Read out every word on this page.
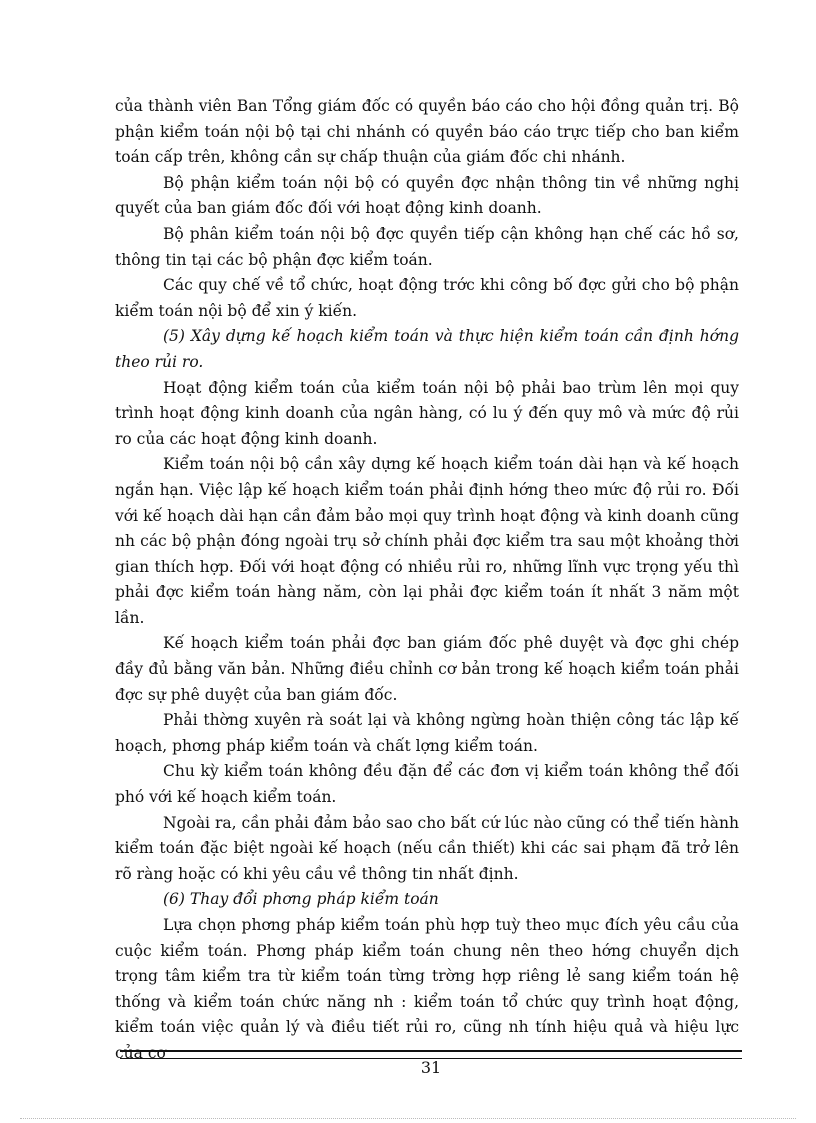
của thành viên Ban Tổng giám đốc có quyền báo cáo cho hội đồng quản trị. Bộ phận kiểm toán nội bộ tại chi nhánh có quyền báo cáo trực tiếp cho ban kiểm toán cấp trên, không cần sự chấp thuận của giám đốc chi nhánh.

Bộ phận kiểm toán nội bộ có quyền đợc nhận thông tin về những nghị quyết của ban giám đốc đối với hoạt động kinh doanh.

Bộ phân kiểm toán nội bộ đợc quyền tiếp cận không hạn chế các hồ sơ, thông tin tại các bộ phận đợc kiểm toán.

Các quy chế về tổ chức, hoạt động trớc khi công bố đợc gửi cho bộ phận kiểm toán nội bộ để xin ý kiến.

(5) Xây dựng kế hoạch kiểm toán và thực hiện kiểm toán cần định hớng theo rủi ro.

Hoạt động kiểm toán của kiểm toán nội bộ phải bao trùm lên mọi quy trình hoạt động kinh doanh của ngân hàng, có lu ý đến quy mô và mức độ rủi ro của các hoạt động kinh doanh.

Kiểm toán nội bộ cần xây dựng kế hoạch kiểm toán dài hạn và kế hoạch ngắn hạn. Việc lập kế hoạch kiểm toán phải định hớng theo mức độ rủi ro. Đối với kế hoạch dài hạn cần đảm bảo mọi quy trình hoạt động và kinh doanh cũng nh các bộ phận đóng ngoài trụ sở chính phải đợc kiểm tra sau một khoảng thời gian thích hợp. Đối với hoạt động có nhiều rủi ro, những lĩnh vực trọng yếu thì phải đợc kiểm toán hàng năm, còn lại phải đợc kiểm toán ít nhất 3 năm một lần.

Kế hoạch kiểm toán phải đợc ban giám đốc phê duyệt và đợc ghi chép đầy đủ bằng văn bản. Những điều chỉnh cơ bản trong kế hoạch kiểm toán phải đợc sự phê duyệt của ban giám đốc.

Phải thờng xuyên rà soát lại và không ngừng hoàn thiện công tác lập kế hoạch, phơng pháp kiểm toán và chất lợng kiểm toán.

Chu kỳ kiểm toán không đều đặn để các đơn vị kiểm toán không thể đối phó với kế hoạch kiểm toán.

Ngoài ra, cần phải đảm bảo sao cho bất cứ lúc nào cũng có thể tiến hành kiểm toán đặc biệt ngoài kế hoạch (nếu cần thiết) khi các sai phạm đã trở lên rõ ràng hoặc có khi yêu cầu về thông tin nhất định.

(6) Thay đổi phơng pháp kiểm toán

Lựa chọn phơng pháp kiểm toán phù hợp tuỳ theo mục đích yêu cầu của cuộc kiểm toán. Phơng pháp kiểm toán chung nên theo hớng chuyển dịch trọng tâm kiểm tra từ kiểm toán từng trờng hợp riêng lẻ sang kiểm toán hệ thống và kiểm toán chức năng nh : kiểm toán tổ chức quy trình hoạt động, kiểm toán việc quản lý và điều tiết rủi ro, cũng nh tính hiệu quả và hiệu lực của cơ

31
